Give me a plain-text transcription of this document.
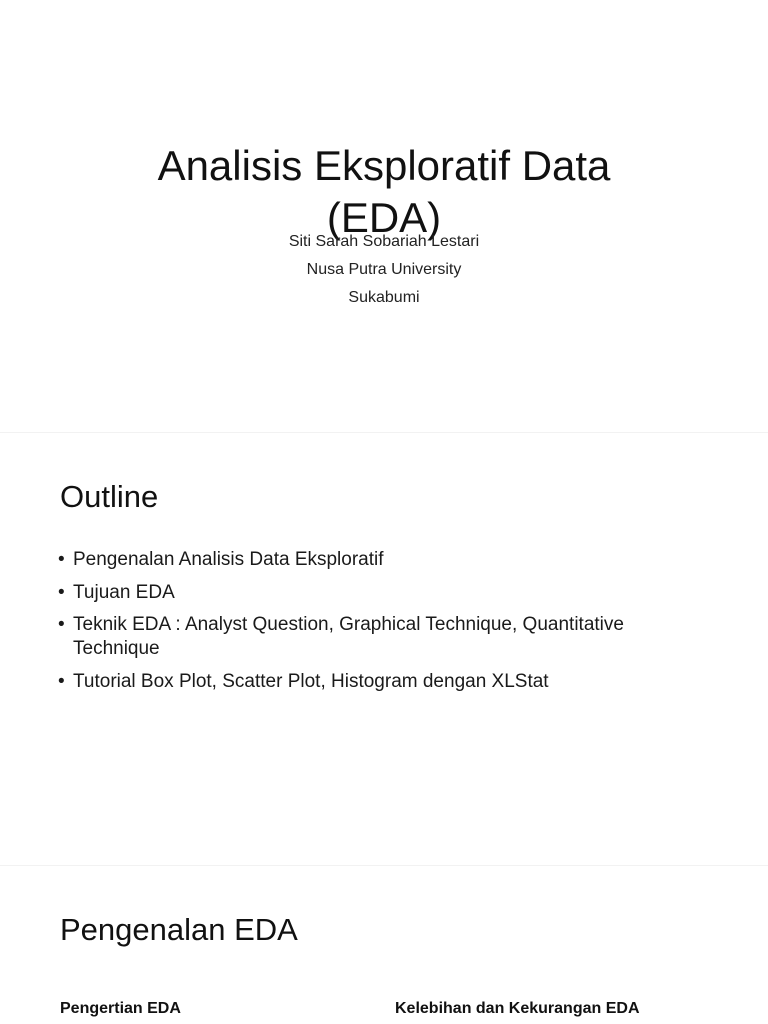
Analisis Eksploratif Data
(EDA)
Siti Sarah Sobariah Lestari
Nusa Putra University
Sukabumi
Outline
• Pengenalan Analisis Data Eksploratif
• Tujuan EDA
• Teknik EDA : Analyst Question, Graphical Technique, Quantitative Technique
• Tutorial Box Plot, Scatter Plot, Histogram dengan XLStat
Pengenalan EDA
Pengertian EDA	Kelebihan dan Kekurangan EDA
